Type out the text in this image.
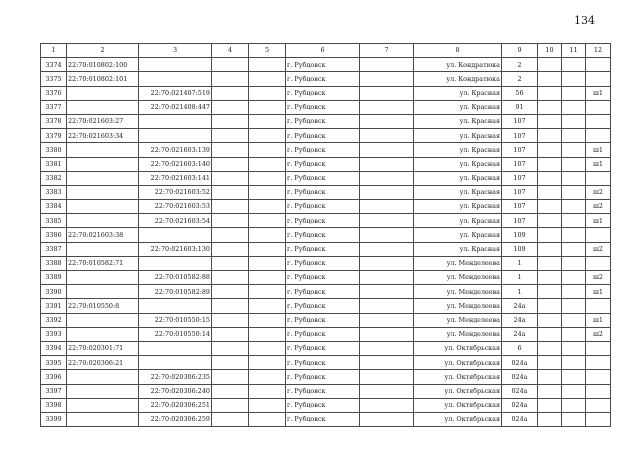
134
1	2	3	4	5	6	7	8	9	10	11	12
3374	22:70:010802:100				г. Рубцовск		ул. Кондратюка	2			
3375	22:70:010802:101				г. Рубцовск		ул. Кондратюка	2			
3376		22:70:021407:519			г. Рубцовск		ул. Красная	56			ш1
3377		22:70:021408:447			г. Рубцовск		ул. Красная	91			
3378	22:70:021603:27				г. Рубцовск		ул. Красная	107			
3379	22:70:021603:34				г. Рубцовск		ул. Красная	107			
3380		22:70:021603:139			г. Рубцовск		ул. Красная	107			ш1
3381		22:70:021603:140			г. Рубцовск		ул. Красная	107			ш1
3382		22:70:021603:141			г. Рубцовск		ул. Красная	107			
3383		22:70:021603:52			г. Рубцовск		ул. Красная	107			ш2
3384		22:70:021603:53			г. Рубцовск		ул. Красная	107			ш2
3385		22:70:021603:54			г. Рубцовск		ул. Красная	107			ш1
3386	22:70:021603:38				г. Рубцовск		ул. Красная	109			
3387		22:70:021603:130			г. Рубцовск		ул. Красная	109			ш2
3388	22:70:010582:71				г. Рубцовск		ул. Менделеева	1			
3389		22:70:010582:88			г. Рубцовск		ул. Менделеева	1			ш2
3390		22:70:010582:89			г. Рубцовск		ул. Менделеева	1			ш1
3391	22:70:010550:8				г. Рубцовск		ул. Менделеева	24а			
3392		22:70:010550:15			г. Рубцовск		ул. Менделеева	24а			ш1
3393		22:70:010550:14			г. Рубцовск		ул. Менделеева	24а			ш2
3394	22:70:020301:71				г. Рубцовск		ул. Октябрьская	6			
3395	22:70:020306:21				г. Рубцовск		ул. Октябрьская	024а			
3396		22:70:020306:235			г. Рубцовск		ул. Октябрьская	024а			
3397		22:70:020306:240			г. Рубцовск		ул. Октябрьская	024а			
3398		22:70:020306:251			г. Рубцовск		ул. Октябрьская	024а			
3399		22:70:020306:259			г. Рубцовск		ул. Октябрьская	024а			
